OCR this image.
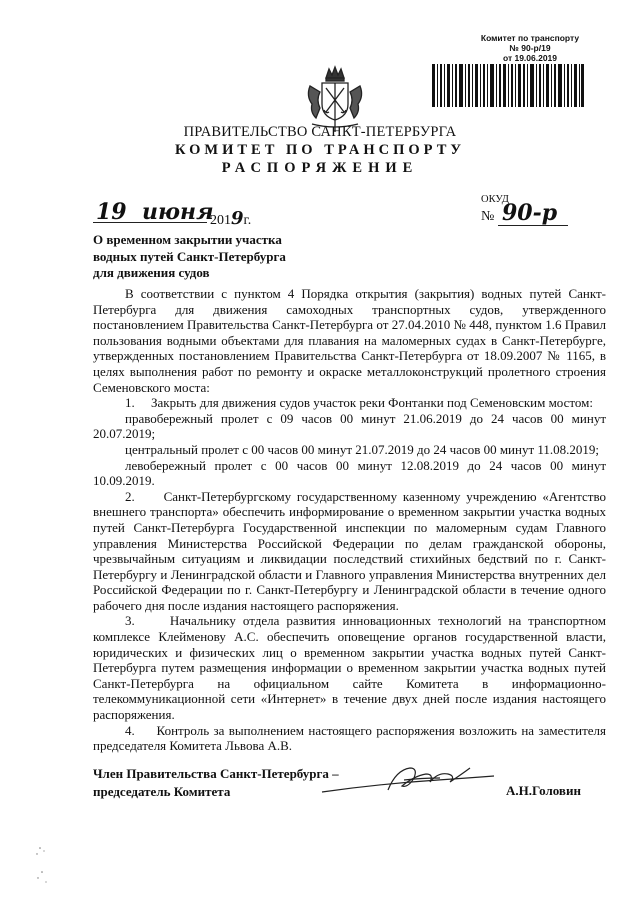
Комитет по транспорту
№ 90-р/19
от 19.06.2019
ПРАВИТЕЛЬСТВО САНКТ-ПЕТЕРБУРГА
КОМИТЕТ ПО ТРАНСПОРТУ
РАСПОРЯЖЕНИЕ
19 июня
2019г.
ОКУД
№ 90-р
О временном закрытии участка
водных путей Санкт-Петербурга
для движения судов

В соответствии с пунктом 4 Порядка открытия (закрытия) водных путей Санкт-Петербурга для движения самоходных транспортных судов, утвержденного постановлением Правительства Санкт-Петербурга от 27.04.2010 № 448, пунктом 1.6 Правил пользования водными объектами для плавания на маломерных судах в Санкт-Петербурге, утвержденных постановлением Правительства Санкт-Петербурга от 18.09.2007 № 1165, в целях выполнения работ по ремонту и окраске металлоконструкций пролетного строения Семеновского моста:

1.     Закрыть для движения судов участок реки Фонтанки под Семеновским мостом:

правобережный пролет с 09 часов 00 минут 21.06.2019 до 24 часов 00 минут 20.07.2019;

центральный пролет с 00 часов 00 минут 21.07.2019 до 24 часов 00 минут 11.08.2019;

левобережный пролет с 00 часов 00 минут 12.08.2019 до 24 часов 00 минут 10.09.2019.

2.     Санкт-Петербургскому государственному казенному учреждению «Агентство внешнего транспорта» обеспечить информирование о временном закрытии участка водных путей Санкт-Петербурга Государственной инспекции по маломерным судам Главного управления Министерства Российской Федерации по делам гражданской обороны, чрезвычайным ситуациям и ликвидации последствий стихийных бедствий по г. Санкт-Петербургу и Ленинградской области и Главного управления Министерства внутренних дел Российской Федерации по г. Санкт-Петербургу и Ленинградской области в течение одного рабочего дня после издания настоящего распоряжения.

3.     Начальнику отдела развития инновационных технологий на транспортном комплексе Клейменову А.С. обеспечить оповещение органов государственной власти, юридических и физических лиц о временном закрытии участка водных путей Санкт-Петербурга путем размещения информации о временном закрытии участка водных путей Санкт-Петербурга на официальном сайте Комитета в информационно-телекоммуникационной сети «Интернет» в течение двух дней после издания настоящего распоряжения.

4.     Контроль за выполнением настоящего распоряжения возложить на заместителя председателя Комитета Львова А.В.

Член Правительства Санкт-Петербурга –
председатель Комитета	А.Н.Головин
